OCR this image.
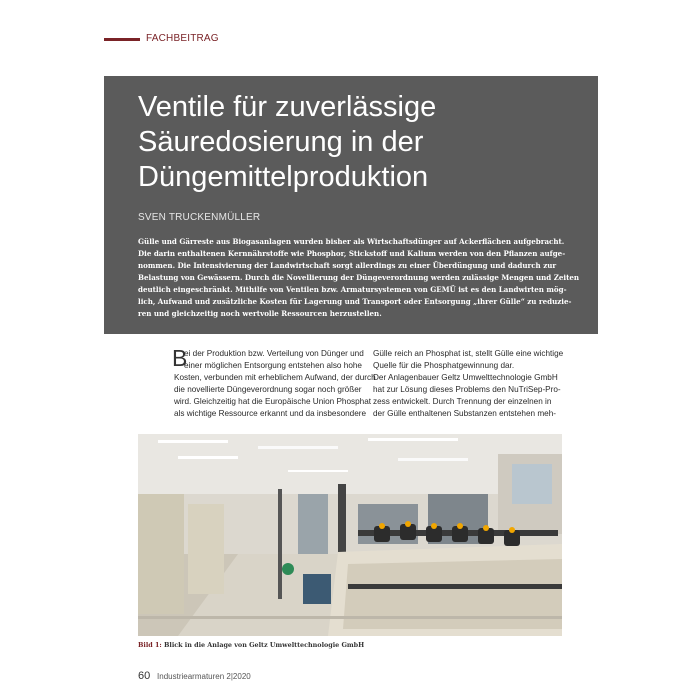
FACHBEITRAG
Ventile für zuverlässige
Säuredosierung in der
Düngemittelproduktion
SVEN TRUCKENMÜLLER
Gülle und Gärreste aus Biogasanlagen wurden bisher als Wirtschaftsdünger auf Ackerflächen aufgebracht.
Die darin enthaltenen Kernnährstoffe wie Phosphor, Stickstoff und Kalium werden von den Pflanzen aufge-
nommen. Die Intensivierung der Landwirtschaft sorgt allerdings zu einer Überdüngung und dadurch zur
Belastung von Gewässern. Durch die Novellierung der Düngeverordnung werden zulässige Mengen und Zeiten
deutlich eingeschränkt. Mithilfe von Ventilen bzw. Armatursystemen von GEMÜ ist es den Landwirten mög-
lich, Aufwand und zusätzliche Kosten für Lagerung und Transport oder Entsorgung „ihrer Gülle“ zu reduzie-
ren und gleichzeitig noch wertvolle Ressourcen herzustellen.
B
ei der Produktion bzw. Verteilung von Dünger und
einer möglichen Entsorgung entstehen also hohe
Kosten, verbunden mit erheblichem Aufwand, der durch
die novellierte Düngeverordnung sogar noch größer
wird. Gleichzeitig hat die Europäische Union Phosphat
als wichtige Ressource erkannt und da insbesondere
Gülle reich an Phosphat ist, stellt Gülle eine wichtige
Quelle für die Phosphatgewinnung dar.
Der Anlagenbauer Geltz Umwelttechnologie GmbH
hat zur Lösung dieses Problems den NuTriSep-Pro-
zess entwickelt. Durch Trennung der einzelnen in
der Gülle enthaltenen Substanzen entstehen meh-
Bild 1: Blick in die Anlage von Geltz Umwelttechnologie GmbH
60 Industriearmaturen 2|2020
